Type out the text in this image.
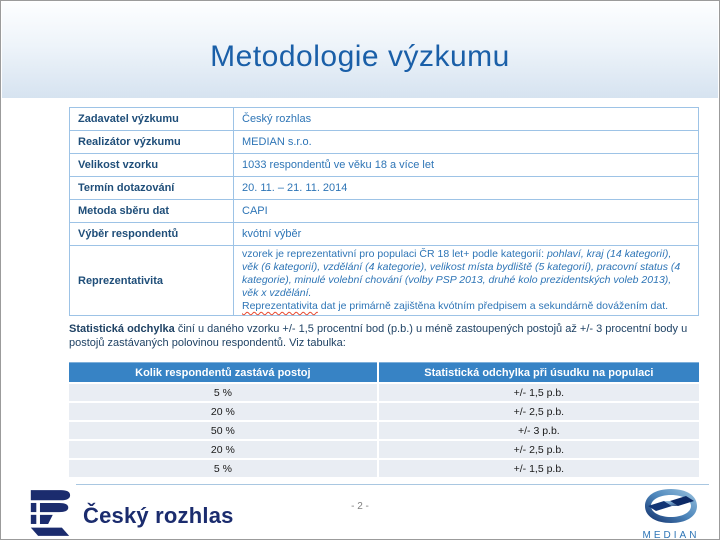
Metodologie výzkumu
Zadavatel výzkumu	Český rozhlas
Realizátor výzkumu	MEDIAN s.r.o.
Velikost vzorku	1033 respondentů ve věku 18 a více let
Termín dotazování	20. 11. – 21. 11. 2014
Metoda sběru dat	CAPI
Výběr respondentů	kvótní výběr
Reprezentativita	vzorek je reprezentativní pro populaci ČR 18 let+ podle kategorií: pohlaví, kraj (14 kategorií), věk (6 kategorií), vzdělání (4 kategorie), velikost místa bydliště (5 kategorií), pracovní status (4 kategorie), minulé volební chování (volby PSP 2013, druhé kolo prezidentských voleb 2013), věk x vzdělání.
Reprezentativita dat je primárně zajištěna kvótním předpisem a sekundárně dovážením dat.
Statistická odchylka činí u daného vzorku +/- 1,5 procentní bod (p.b.) u méně zastoupených postojů až +/- 3 procentní body u postojů zastávaných polovinou respondentů. Viz tabulka:
Kolik respondentů zastává postoj	Statistická odchylka při úsudku na populaci
5 %	+/- 1,5 p.b.
20 %	+/- 2,5 p.b.
50 %	+/- 3 p.b.
20 %	+/- 2,5 p.b.
5 %	+/- 1,5 p.b.
Český rozhlas	- 2 -
MEDIAN
